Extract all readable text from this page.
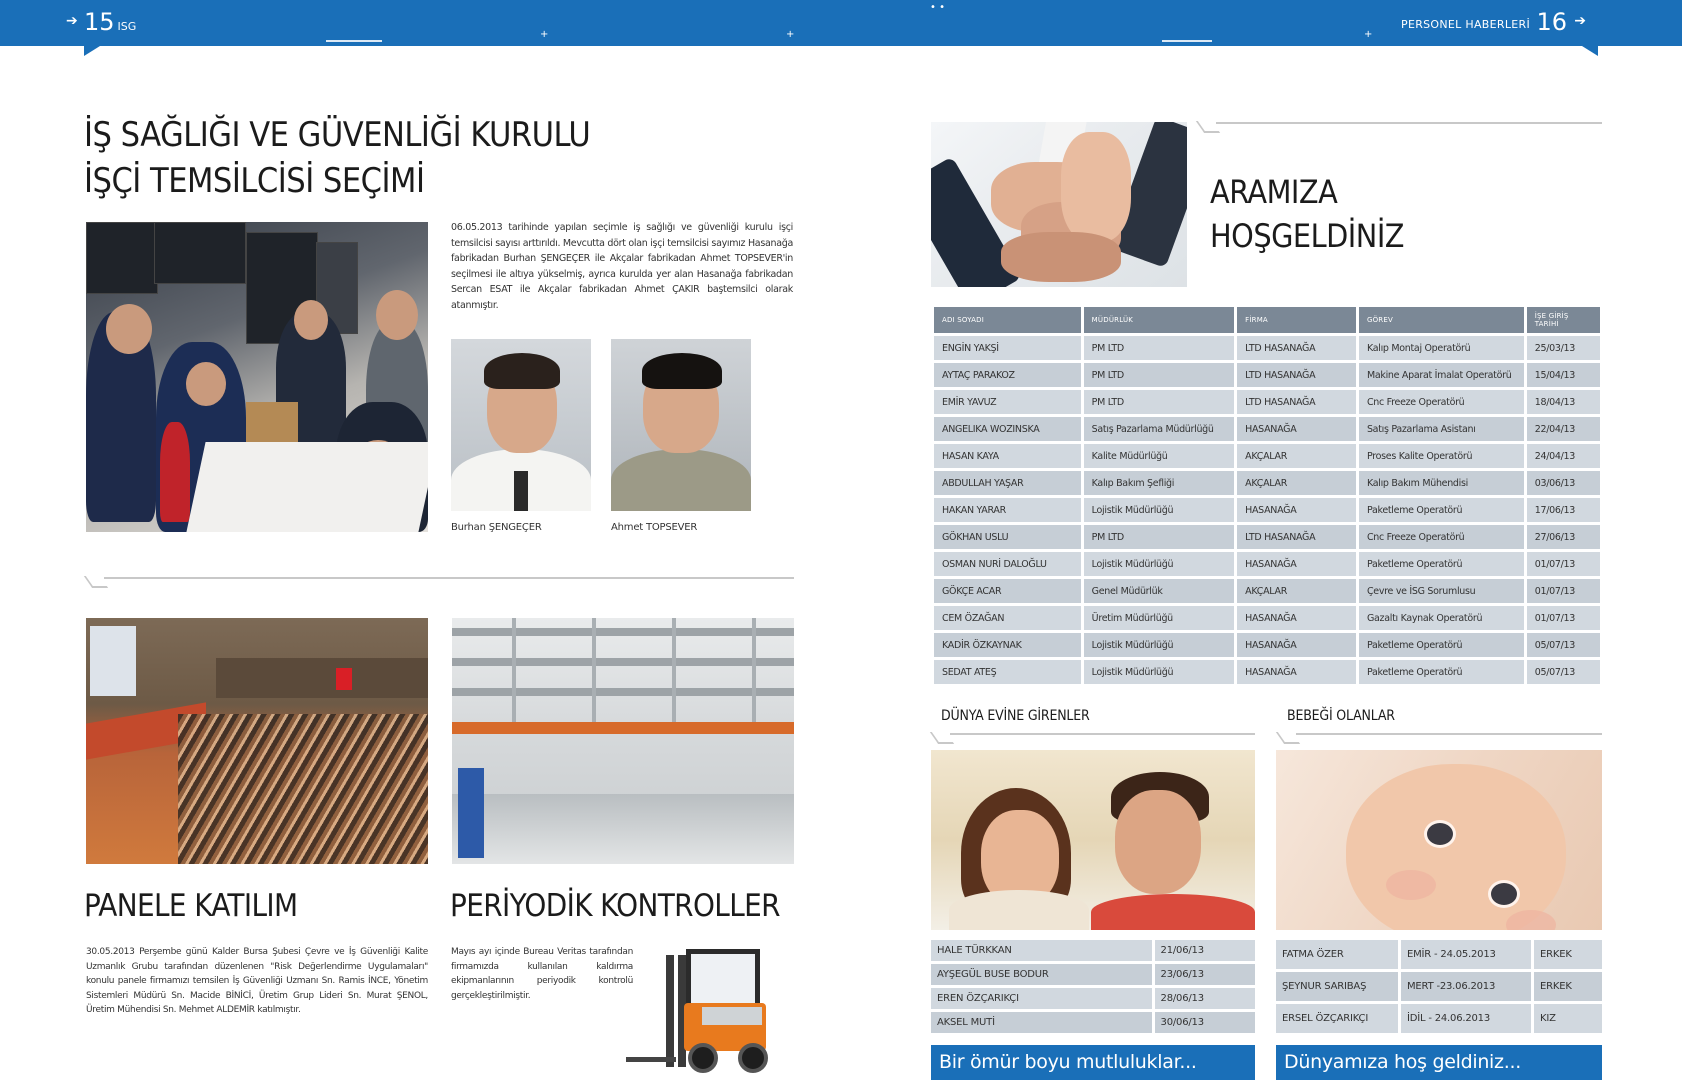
➔ 15 ISG	PERSONEL HABERLERİ 16 ➔
+	+	+
• •
İŞ SAĞLIĞI VE GÜVENLİĞİ KURULU
İŞÇİ TEMSİLCİSİ SEÇİMİ
06.05.2013 tarihinde yapılan seçimle iş sağlığı ve güvenliği kurulu işçi temsilcisi sayısı arttırıldı. Mevcutta dört olan işçi temsilcisi sayımız Hasanağa fabrikadan Burhan ŞENGEÇER ile Akçalar fabrikadan Ahmet TOPSEVER'in seçilmesi ile altıya yükselmiş, ayrıca kurulda yer alan Hasanağa fabrikadan Sercan ESAT ile Akçalar fabrikadan Ahmet ÇAKIR baştemsilci olarak atanmıştır.
Burhan ŞENGEÇER	Ahmet TOPSEVER
PANELE KATILIM	PERİYODİK KONTROLLER
30.05.2013 Perşembe günü Kalder Bursa Şubesi Çevre ve İş Güvenliği Kalite Uzmanlık Grubu tarafından düzenlenen "Risk Değerlendirme Uygulamaları" konulu panele firmamızı temsilen İş Güvenliği Uzmanı Sn. Ramis İNCE, Yönetim Sistemleri Müdürü Sn. Macide BİNİCİ, Üretim Grup Lideri Sn. Murat ŞENOL, Üretim Mühendisi Sn. Mehmet ALDEMİR katılmıştır.
Mayıs ayı içinde Bureau Veritas tarafından firmamızda kullanılan kaldırma ekipmanlarının periyodik kontrolü gerçekleştirilmiştir.
ARAMIZA
HOŞGELDİNİZ
ADI SOYADI	MÜDÜRLÜK	FİRMA	GÖREV	İŞE GİRİŞ TARİHİ
ENGİN YAKŞİ	PM LTD	LTD HASANAĞA	Kalıp Montaj Operatörü	25/03/13
AYTAÇ PARAKOZ	PM LTD	LTD HASANAĞA	Makine Aparat İmalat Operatörü	15/04/13
EMİR YAVUZ	PM LTD	LTD HASANAĞA	Cnc Freeze Operatörü	18/04/13
ANGELIKA WOZINSKA	Satış Pazarlama Müdürlüğü	HASANAĞA	Satış Pazarlama Asistanı	22/04/13
HASAN KAYA	Kalite Müdürlüğü	AKÇALAR	Proses Kalite Operatörü	24/04/13
ABDULLAH YAŞAR	Kalıp Bakım Şefliği	AKÇALAR	Kalıp Bakım Mühendisi	03/06/13
HAKAN YARAR	Lojistik Müdürlüğü	HASANAĞA	Paketleme Operatörü	17/06/13
GÖKHAN USLU	PM LTD	LTD HASANAĞA	Cnc Freeze Operatörü	27/06/13
OSMAN NURİ DALOĞLU	Lojistik Müdürlüğü	HASANAĞA	Paketleme Operatörü	01/07/13
GÖKÇE ACAR	Genel Müdürlük	AKÇALAR	Çevre ve İSG Sorumlusu	01/07/13
CEM ÖZAĞAN	Üretim Müdürlüğü	HASANAĞA	Gazaltı Kaynak Operatörü	01/07/13
KADİR ÖZKAYNAK	Lojistik Müdürlüğü	HASANAĞA	Paketleme Operatörü	05/07/13
SEDAT ATEŞ	Lojistik Müdürlüğü	HASANAĞA	Paketleme Operatörü	05/07/13
DÜNYA EVİNE GİRENLER	BEBEĞİ OLANLAR
HALE TÜRKKAN	21/06/13
AYŞEGÜL BUSE BODUR	23/06/13
EREN ÖZÇARIKÇI	28/06/13
AKSEL MUTİ	30/06/13
FATMA ÖZER	EMİR - 24.05.2013	ERKEK
ŞEYNUR SARIBAŞ	MERT -23.06.2013	ERKEK
ERSEL ÖZÇARIKÇI	İDİL - 24.06.2013	KIZ
Bir ömür boyu mutluluklar...	Dünyamıza hoş geldiniz...
